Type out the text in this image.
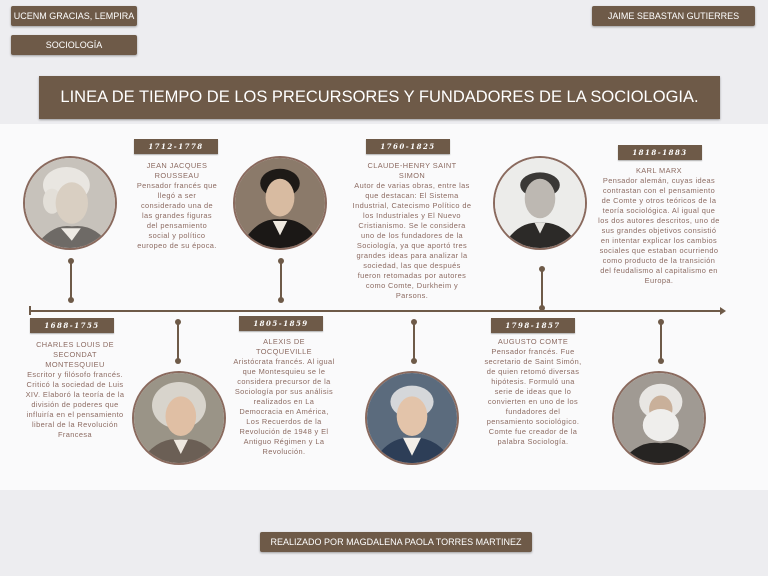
UCENM GRACIAS, LEMPIRA
SOCIOLOGÍA
JAIME SEBASTAN GUTIERRES
LINEA DE TIEMPO DE LOS PRECURSORES Y FUNDADORES DE LA SOCIOLOGIA.
1712-1778
JEAN JACQUES ROUSSEAU
Pensador francés que llegó a ser considerado una de las grandes figuras del pensamiento social y político europeo de su época.
1760-1825
CLAUDE-HENRY SAINT SIMON
Autor de varias obras, entre las que destacan: El Sistema Industrial, Catecismo Político de los Industriales y El Nuevo Cristianismo. Se le considera uno de los fundadores de la Sociología, ya que aportó tres grandes ideas para analizar la sociedad, las que después fueron retomadas por autores como Comte, Durkheim y Parsons.
1818-1883
KARL MARX
Pensador alemán, cuyas ideas contrastan con el pensamiento de Comte y otros teóricos de la teoría sociológica. Al igual que los dos autores descritos, uno de sus grandes objetivos consistió en intentar explicar los cambios sociales que estaban ocurriendo como producto de la transición del feudalismo al capitalismo en Europa.
1688-1755
CHARLES LOUIS DE SECONDAT MONTESQUIEU
Escritor y filósofo francés. Criticó la sociedad de Luis XIV. Elaboró la teoría de la división de poderes que influiría en el pensamiento liberal de la Revolución Francesa
1805-1859
ALEXIS DE TOCQUEVILLE
Aristócrata francés. Al igual que Montesquieu se le considera precursor de la Sociología por sus análisis realizados en La Democracia en América, Los Recuerdos de la Revolución de 1948 y El Antiguo Régimen y La Revolución.
1798-1857
AUGUSTO COMTE
Pensador francés. Fue secretario de Saint Simón, de quien retomó diversas hipótesis. Formuló una serie de ideas que lo convierten en uno de los fundadores del pensamiento sociológico. Comte fue creador de la palabra Sociología.
REALIZADO POR MAGDALENA PAOLA TORRES MARTINEZ
